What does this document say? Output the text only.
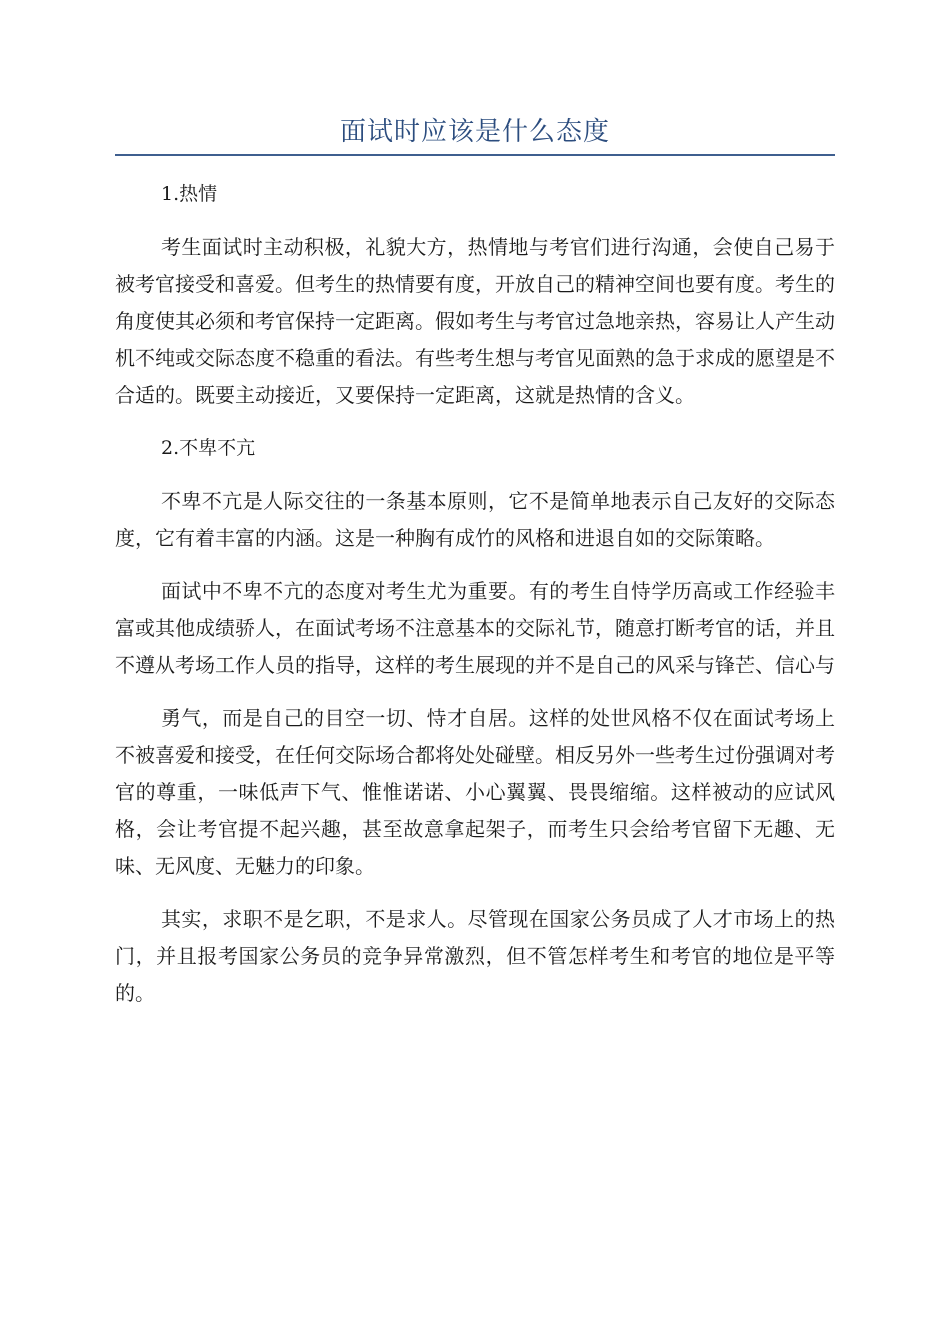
面试时应该是什么态度
1.热情

考生面试时主动积极，礼貌大方，热情地与考官们进行沟通，会使自己易于被考官接受和喜爱。但考生的热情要有度，开放自己的精神空间也要有度。考生的角度使其必须和考官保持一定距离。假如考生与考官过急地亲热，容易让人产生动机不纯或交际态度不稳重的看法。有些考生想与考官见面熟的急于求成的愿望是不合适的。既要主动接近，又要保持一定距离，这就是热情的含义。

2.不卑不亢

不卑不亢是人际交往的一条基本原则，它不是简单地表示自己友好的交际态度，它有着丰富的内涵。这是一种胸有成竹的风格和进退自如的交际策略。

面试中不卑不亢的态度对考生尤为重要。有的考生自恃学历高或工作经验丰富或其他成绩骄人，在面试考场不注意基本的交际礼节，随意打断考官的话，并且不遵从考场工作人员的指导，这样的考生展现的并不是自己的风采与锋芒、信心与

勇气，而是自己的目空一切、恃才自居。这样的处世风格不仅在面试考场上不被喜爱和接受，在任何交际场合都将处处碰壁。相反另外一些考生过份强调对考官的尊重，一味低声下气、惟惟诺诺、小心翼翼、畏畏缩缩。这样被动的应试风格，会让考官提不起兴趣，甚至故意拿起架子，而考生只会给考官留下无趣、无味、无风度、无魅力的印象。

其实，求职不是乞职，不是求人。尽管现在国家公务员成了人才市场上的热门，并且报考国家公务员的竞争异常激烈，但不管怎样考生和考官的地位是平等的。
